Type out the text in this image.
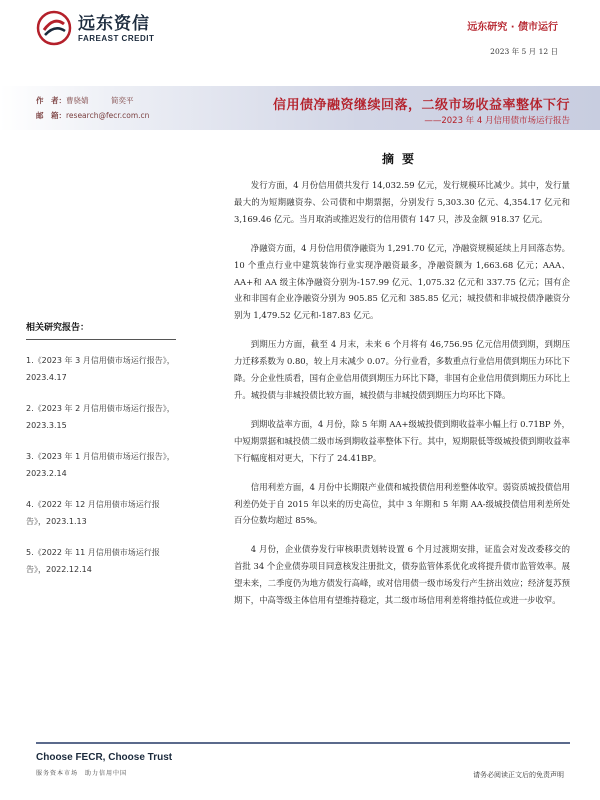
远东资信
FAREAST CREDIT
远东研究 · 债市运行
2023 年 5 月 12 日
作　者：曹骁婧　　　简奕平
邮　箱：research@fecr.com.cn
信用债净融资继续回落，二级市场收益率整体下行
——2023 年 4 月信用债市场运行报告
相关研究报告：
1.《2023 年 3 月信用债市场运行报告》，2023.4.17
2.《2023 年 2 月信用债市场运行报告》，2023.3.15
3.《2023 年 1 月信用债市场运行报告》，2023.2.14
4.《2022 年 12 月信用债市场运行报告》，2023.1.13
5.《2022 年 11 月信用债市场运行报告》，2022.12.14
摘要

发行方面，4 月份信用债共发行 14,032.59 亿元，发行规模环比减少。其中，发行量最大的为短期融资券、公司债和中期票据，分别发行 5,303.30 亿元、4,354.17 亿元和 3,169.46 亿元。当月取消或推迟发行的信用债有 147 只，涉及金额 918.37 亿元。

净融资方面，4 月份信用债净融资为 1,291.70 亿元，净融资规模延续上月回落态势。10 个重点行业中建筑装饰行业实现净融资最多，净融资额为 1,663.68 亿元；AAA、AA+和 AA 级主体净融资分别为-157.99 亿元、1,075.32 亿元和 337.75 亿元；国有企业和非国有企业净融资分别为 905.85 亿元和 385.85 亿元；城投债和非城投债净融资分别为 1,479.52 亿元和-187.83 亿元。

到期压力方面，截至 4 月末，未来 6 个月将有 46,756.95 亿元信用债到期，到期压力迁移系数为 0.80，较上月末减少 0.07。分行业看，多数重点行业信用债到期压力环比下降。分企业性质看，国有企业信用债到期压力环比下降，非国有企业信用债到期压力环比上升。城投债与非城投债比较方面，城投债与非城投债到期压力均环比下降。

到期收益率方面，4 月份，除 5 年期 AA+级城投债到期收益率小幅上行 0.71BP 外，中短期票据和城投债二级市场到期收益率整体下行。其中，短期限低等级城投债到期收益率下行幅度相对更大，下行了 24.41BP。

信用利差方面，4 月份中长期限产业债和城投债信用利差整体收窄。弱资质城投债信用利差仍处于自 2015 年以来的历史高位，其中 3 年期和 5 年期 AA-级城投债信用利差所处百分位数均超过 85%。

4 月份，企业债券发行审核职责划转设置 6 个月过渡期安排，证监会对发改委移交的首批 34 个企业债券项目同意核发注册批文，债券监管体系优化或将提升债市监管效率。展望未来，二季度仍为地方债发行高峰，或对信用债一级市场发行产生挤出效应；经济复苏预期下，中高等级主体信用有望维持稳定，其二级市场信用利差将维持低位或进一步收窄。

Choose FECR, Choose Trust
服务资本市场　助力信用中国	请务必阅读正文后的免责声明
